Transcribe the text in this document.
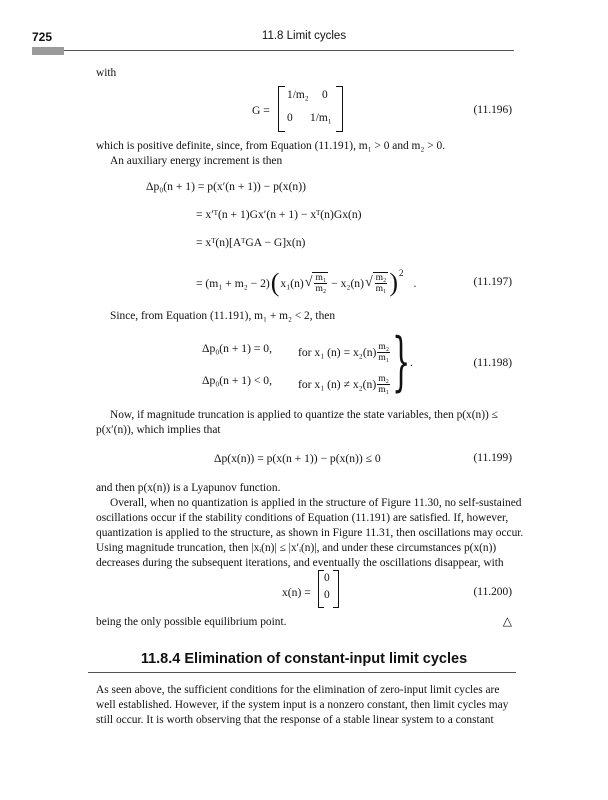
725	11.8 Limit cycles
with
G =
1/m₂ 0
0 1/m₁
(11.196)
which is positive definite, since, from Equation (11.191), m₁ > 0 and m₂ > 0.
An auxiliary energy increment is then
Δp₀(n + 1) = p(x′(n + 1)) − p(x(n))
= x′ᵀ(n + 1)Gx′(n + 1) − xᵀ(n)Gx(n)
= xᵀ(n)[AᵀGA − G]x(n)
= (m₁ + m₂ − 2) ( x₁(n) √ $\frac{\text{m₁}}{\text{m₂}} - x_2(n)$ √ $\frac{\text{m₂}}{\text{m₁}} )^2$
.	(11.197)
Since, from Equation (11.191), m₁ + m₂ < 2, then
Δp₀(n + 1) = 0, for x₁ $(n) = x_2(n) \frac{\text{m₂}}{\text{m₁}}$
Δp₀(n + 1) < 0, for x₁ $(n) \ne x_2(n) \frac{\text{m₂}}{\text{m₁}}$ } .	(11.198)
Now, if magnitude truncation is applied to quantize the state variables, then p(x(n)) ≤
p(x′(n)), which implies that
Δp(x(n)) = p(x(n + 1)) − p(x(n)) ≤ 0	(11.199)
and then p(x(n)) is a Lyapunov function.
Overall, when no quantization is applied in the structure of Figure 11.30, no self-sustained
oscillations occur if the stability conditions of Equation (11.191) are satisfied. If, however,
quantization is applied to the structure, as shown in Figure 11.31, then oscillations may occur.
Using magnitude truncation, then |xᵢ(n)| ≤ |x′ᵢ(n)|, and under these circumstances p(x(n))
decreases during the subsequent iterations, and eventually the oscillations disappear, with
x(n) =
0
0	(11.200)
being the only possible equilibrium point.	△
11.8.4 Elimination of constant-input limit cycles
As seen above, the sufficient conditions for the elimination of zero-input limit cycles are
well established. However, if the system input is a nonzero constant, then limit cycles may
still occur. It is worth observing that the response of a stable linear system to a constant
